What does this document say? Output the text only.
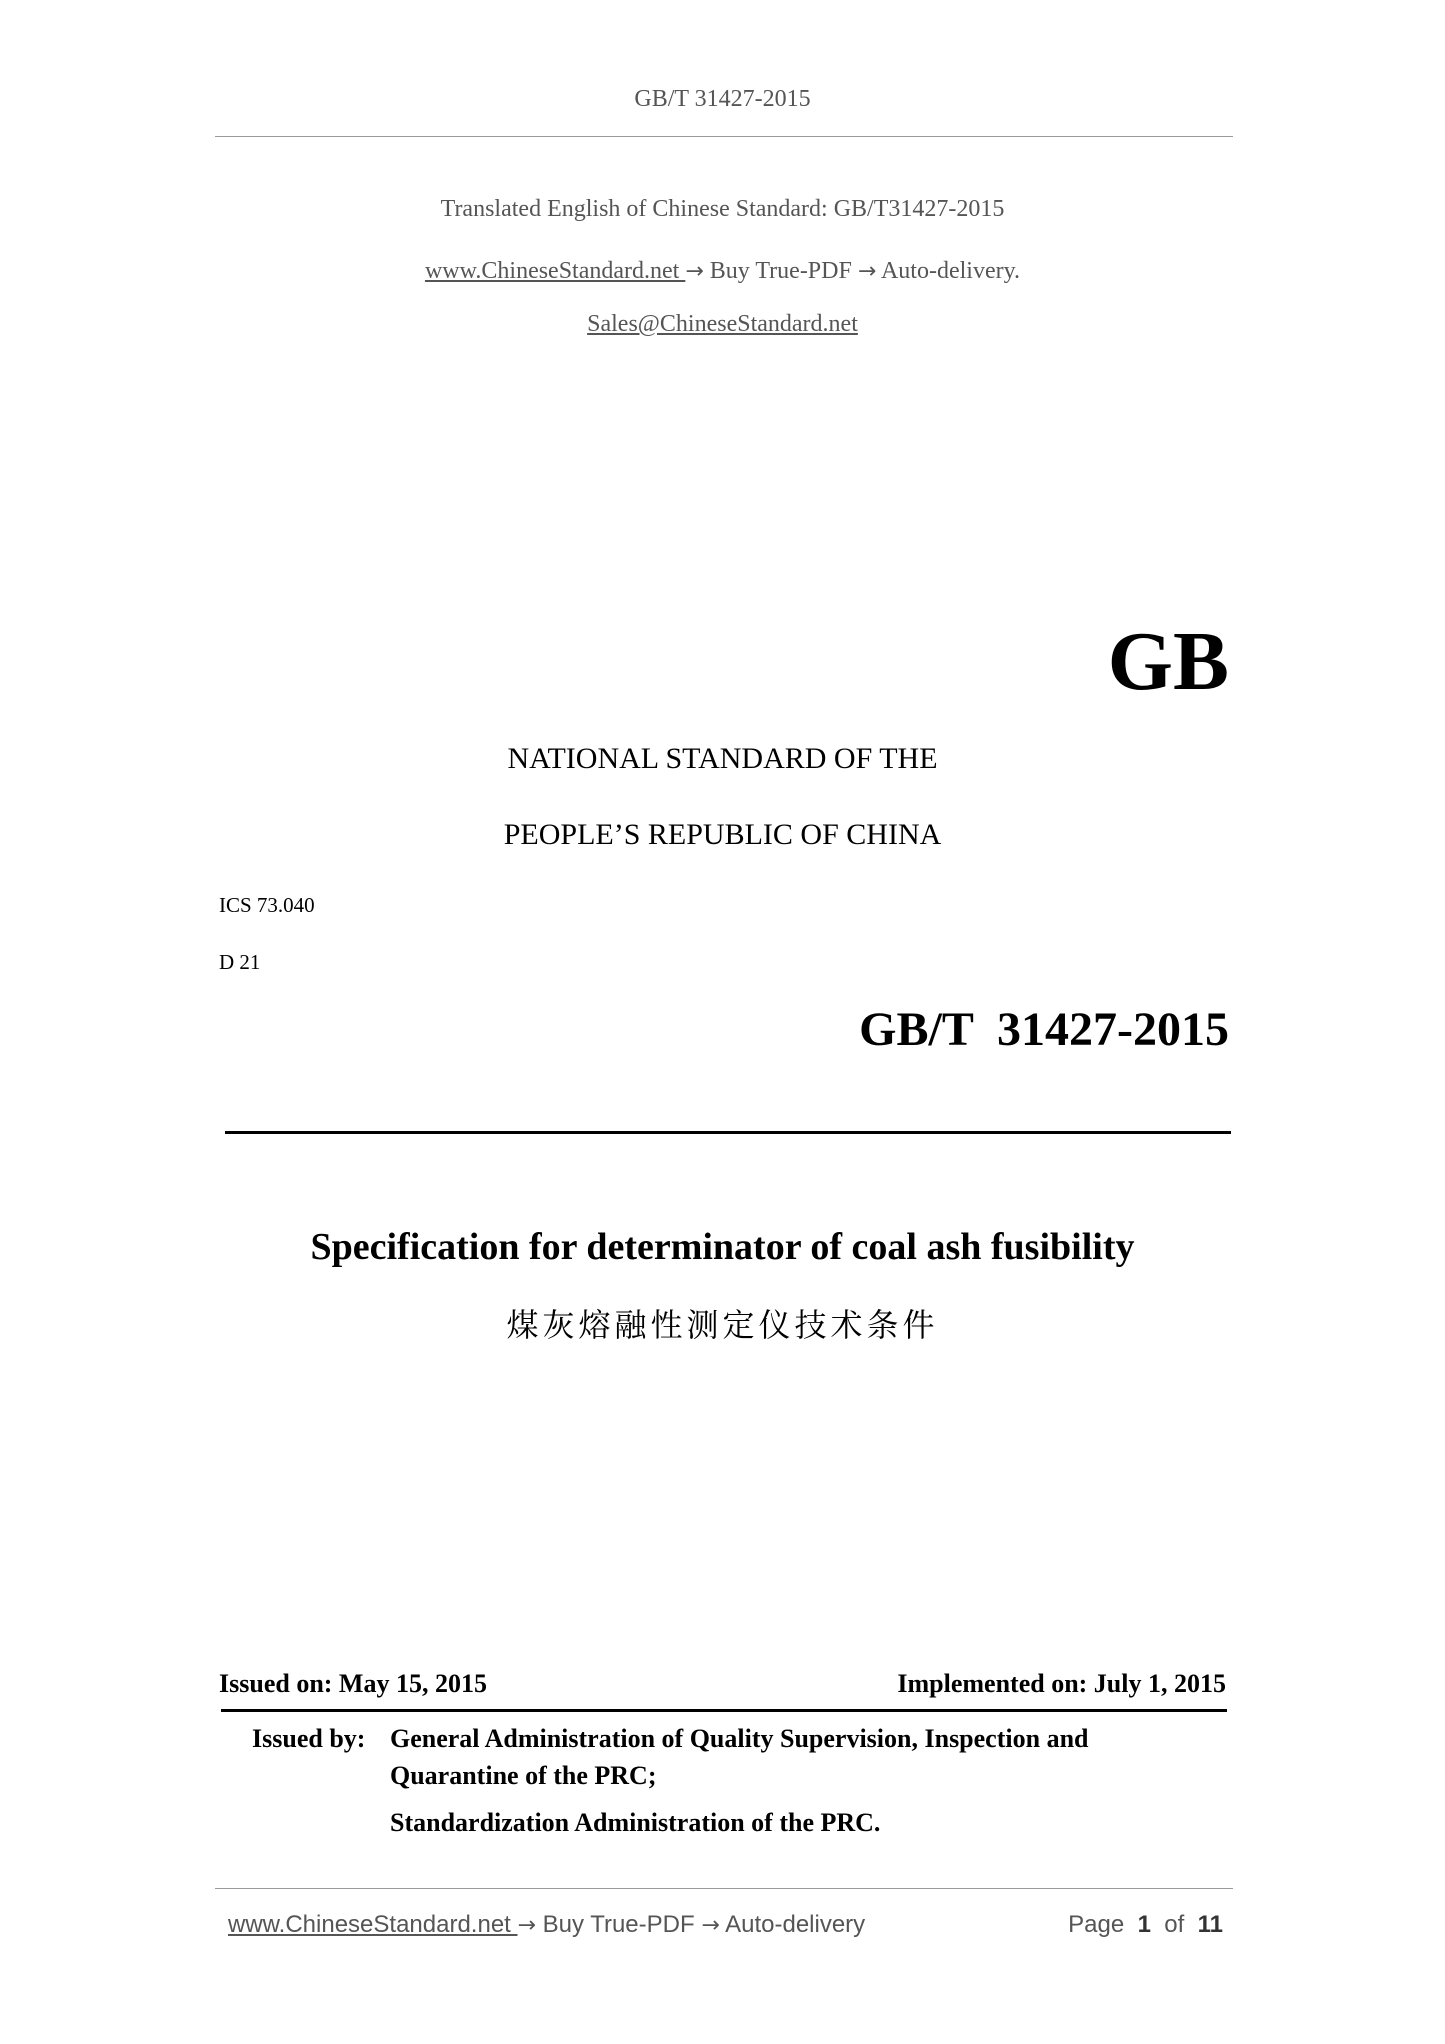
GB/T 31427-2015
Translated English of Chinese Standard: GB/T31427-2015
www.ChineseStandard.net → Buy True-PDF → Auto-delivery.
Sales@ChineseStandard.net
GB
NATIONAL STANDARD OF THE
PEOPLE’S REPUBLIC OF CHINA
ICS 73.040
D 21
GB/T 31427-2015
Specification for determinator of coal ash fusibility
煤灰熔融性测定仪技术条件
Issued on: May 15, 2015	Implemented on: July 1, 2015
Issued by: General Administration of Quality Supervision, Inspection and
Quarantine of the PRC;
Standardization Administration of the PRC.
www.ChineseStandard.net → Buy True-PDF → Auto-delivery	Page 1 of 11
